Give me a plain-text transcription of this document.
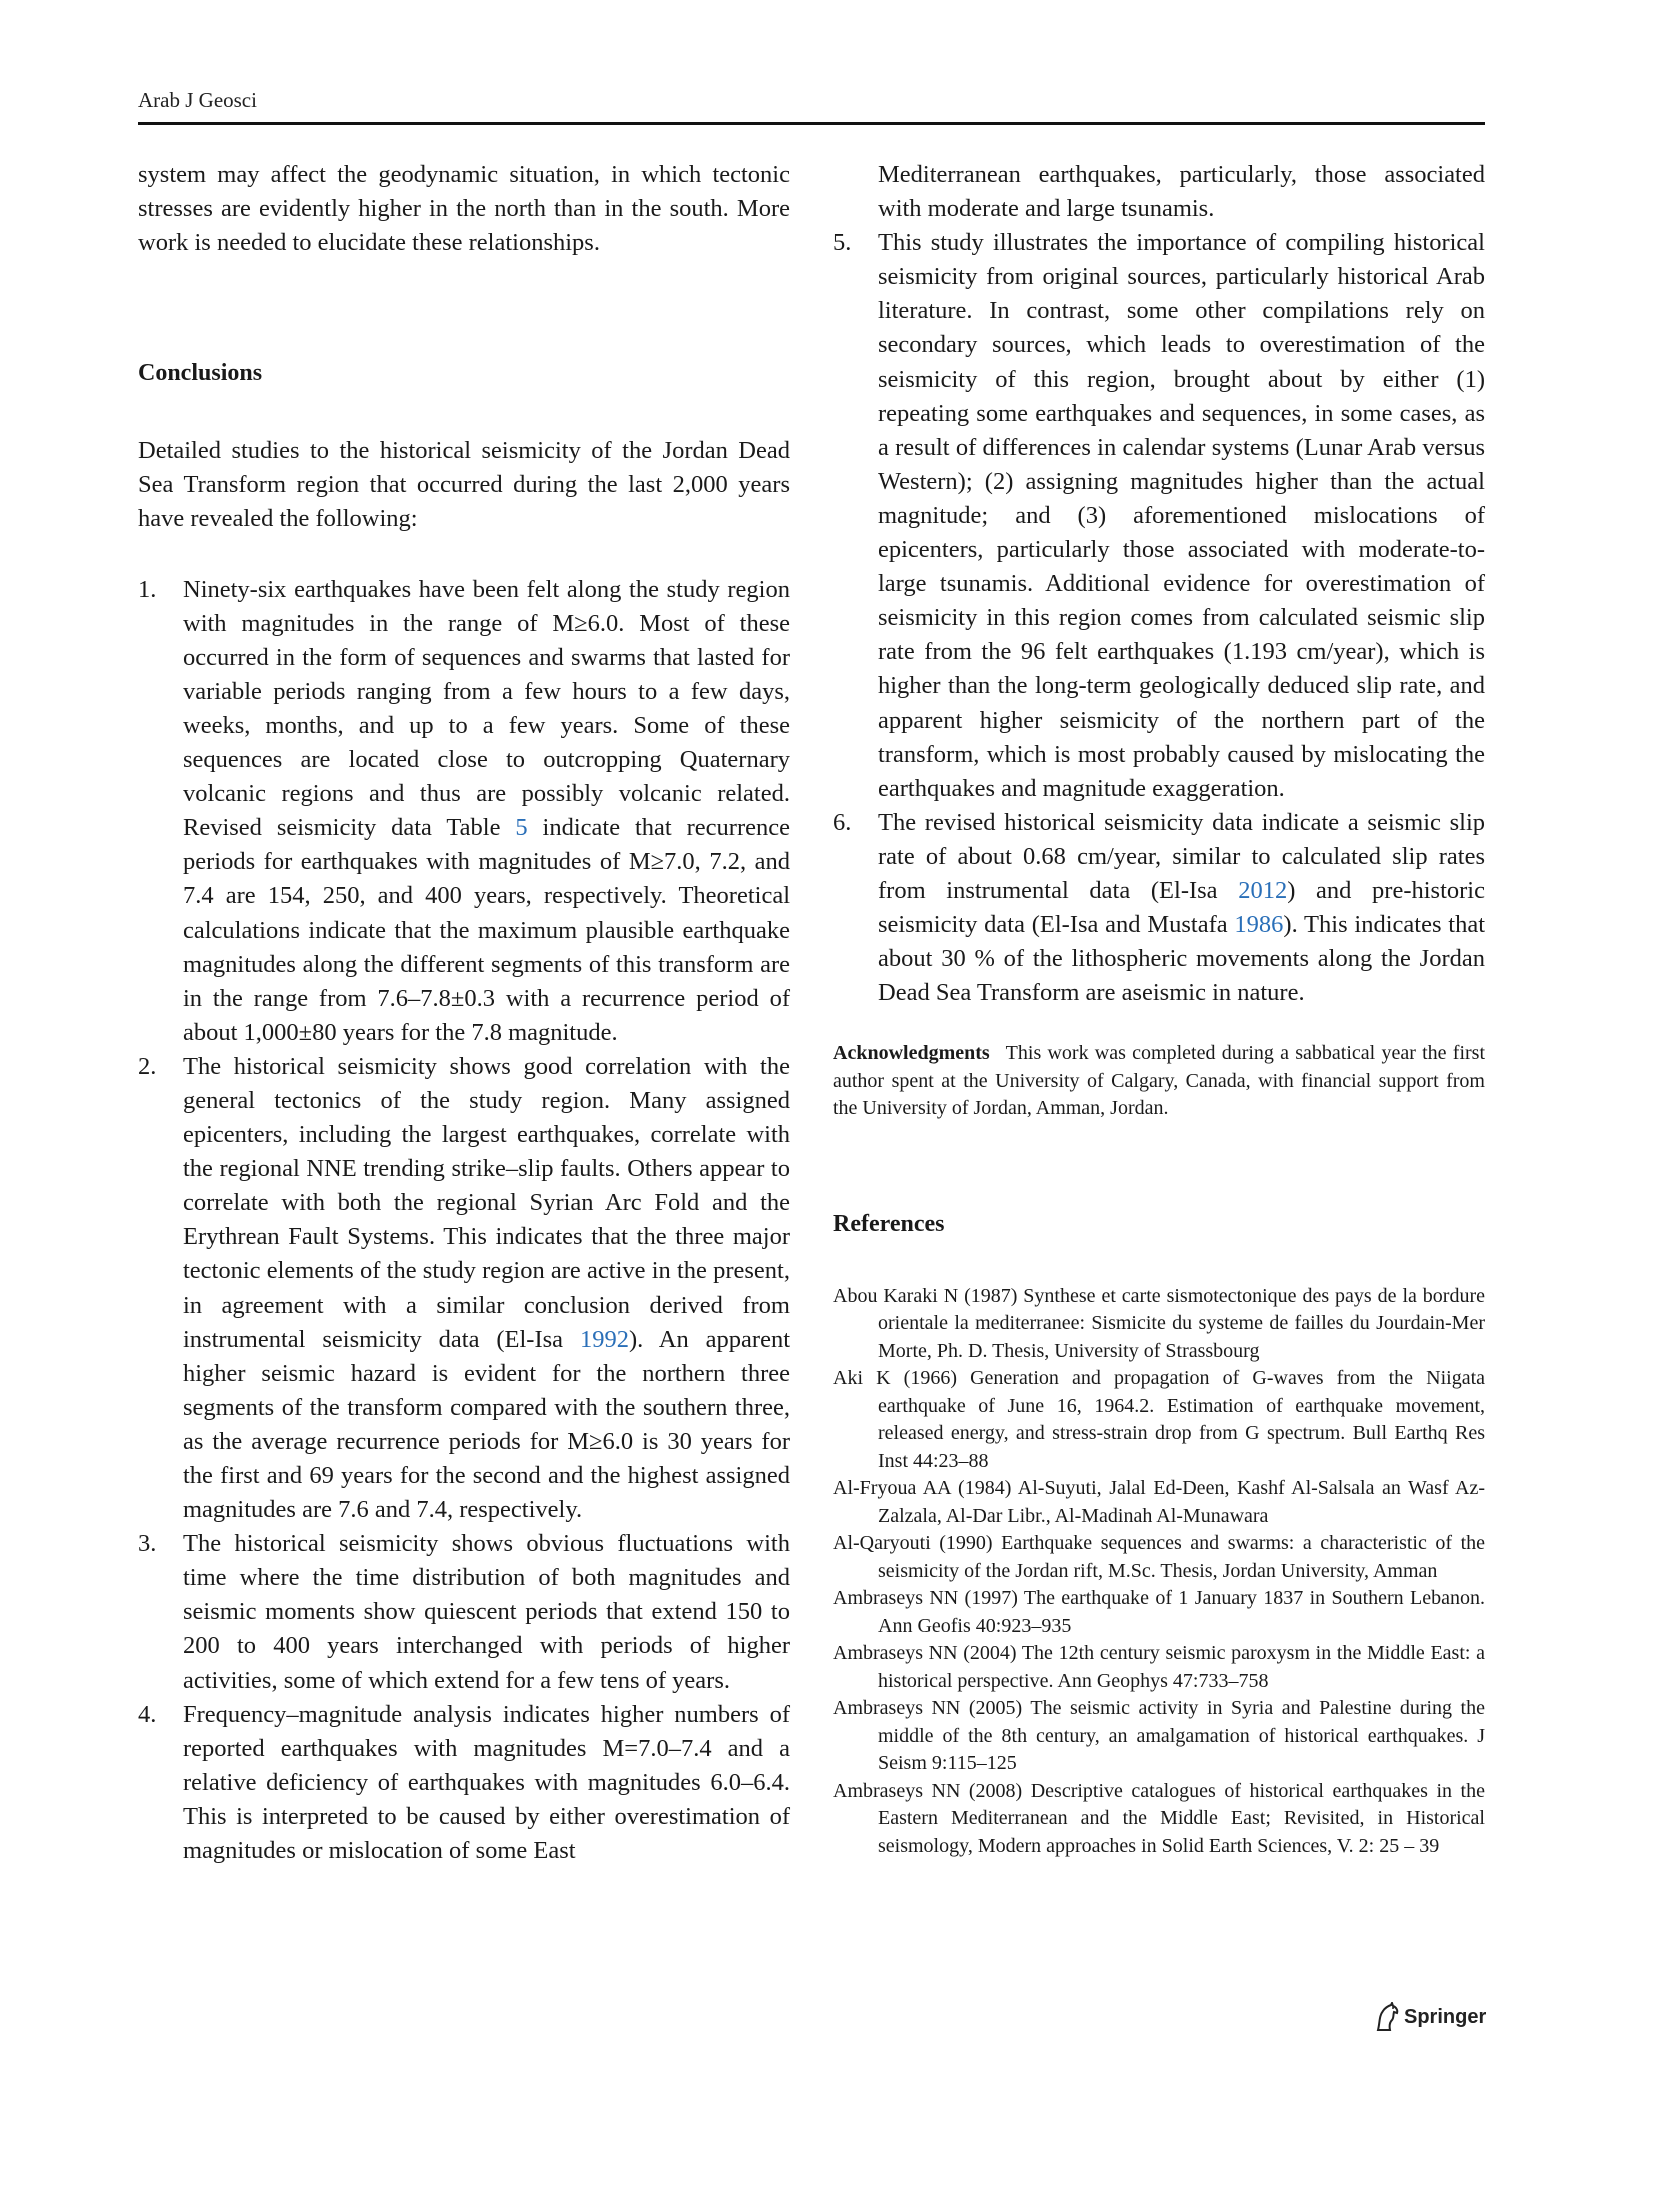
Arab J Geosci

system may affect the geodynamic situation, in which tectonic stresses are evidently higher in the north than in the south. More work is needed to elucidate these relationships.

Conclusions

Detailed studies to the historical seismicity of the Jordan Dead Sea Transform region that occurred during the last 2,000 years have revealed the following:

1. Ninety-six earthquakes have been felt along the study region with magnitudes in the range of M≥6.0. Most of these occurred in the form of sequences and swarms that lasted for variable periods ranging from a few hours to a few days, weeks, months, and up to a few years. Some of these sequences are located close to outcropping Quaternary volcanic regions and thus are possibly volcanic related. Revised seismicity data Table 5 indicate that recurrence periods for earthquakes with magnitudes of M≥7.0, 7.2, and 7.4 are 154, 250, and 400 years, respectively. Theoretical calculations indicate that the maximum plausible earthquake magnitudes along the different segments of this transform are in the range from 7.6–7.8±0.3 with a recurrence period of about 1,000±80 years for the 7.8 magnitude.
2. The historical seismicity shows good correlation with the general tectonics of the study region. Many assigned epicenters, including the largest earthquakes, correlate with the regional NNE trending strike–slip faults. Others appear to correlate with both the regional Syrian Arc Fold and the Erythrean Fault Systems. This indicates that the three major tectonic elements of the study region are active in the present, in agreement with a similar conclusion derived from instrumental seismicity data (El-Isa 1992). An apparent higher seismic hazard is evident for the northern three segments of the transform compared with the southern three, as the average recurrence periods for M≥6.0 is 30 years for the first and 69 years for the second and the highest assigned magnitudes are 7.6 and 7.4, respectively.
3. The historical seismicity shows obvious fluctuations with time where the time distribution of both magnitudes and seismic moments show quiescent periods that extend 150 to 200 to 400 years interchanged with periods of higher activities, some of which extend for a few tens of years.
4. Frequency–magnitude analysis indicates higher numbers of reported earthquakes with magnitudes M=7.0–7.4 and a relative deficiency of earthquakes with magnitudes 6.0–6.4. This is interpreted to be caused by either overestimation of magnitudes or mislocation of some East

Mediterranean earthquakes, particularly, those associated with moderate and large tsunamis.

5. This study illustrates the importance of compiling historical seismicity from original sources, particularly historical Arab literature. In contrast, some other compilations rely on secondary sources, which leads to overestimation of the seismicity of this region, brought about by either (1) repeating some earthquakes and sequences, in some cases, as a result of differences in calendar systems (Lunar Arab versus Western); (2) assigning magnitudes higher than the actual magnitude; and (3) aforementioned mislocations of epicenters, particularly those associated with moderate-to-large tsunamis. Additional evidence for overestimation of seismicity in this region comes from calculated seismic slip rate from the 96 felt earthquakes (1.193 cm/year), which is higher than the long-term geologically deduced slip rate, and apparent higher seismicity of the northern part of the transform, which is most probably caused by mislocating the earthquakes and magnitude exaggeration.
6. The revised historical seismicity data indicate a seismic slip rate of about 0.68 cm/year, similar to calculated slip rates from instrumental data (El-Isa 2012) and pre-historic seismicity data (El-Isa and Mustafa 1986). This indicates that about 30 % of the lithospheric movements along the Jordan Dead Sea Transform are aseismic in nature.

Acknowledgments This work was completed during a sabbatical year the first author spent at the University of Calgary, Canada, with financial support from the University of Jordan, Amman, Jordan.

References
Abou Karaki N (1987) Synthese et carte sismotectonique des pays de la bordure orientale la mediterranee: Sismicite du systeme de failles du Jourdain-Mer Morte, Ph. D. Thesis, University of Strassbourg
Aki K (1966) Generation and propagation of G-waves from the Niigata earthquake of June 16, 1964.2. Estimation of earthquake movement, released energy, and stress-strain drop from G spectrum. Bull Earthq Res Inst 44:23–88
Al-Fryoua AA (1984) Al-Suyuti, Jalal Ed-Deen, Kashf Al-Salsala an Wasf Az-Zalzala, Al-Dar Libr., Al-Madinah Al-Munawara
Al-Qaryouti (1990) Earthquake sequences and swarms: a characteristic of the seismicity of the Jordan rift, M.Sc. Thesis, Jordan University, Amman
Ambraseys NN (1997) The earthquake of 1 January 1837 in Southern Lebanon. Ann Geofis 40:923–935
Ambraseys NN (2004) The 12th century seismic paroxysm in the Middle East: a historical perspective. Ann Geophys 47:733–758
Ambraseys NN (2005) The seismic activity in Syria and Palestine during the middle of the 8th century, an amalgamation of historical earthquakes. J Seism 9:115–125
Ambraseys NN (2008) Descriptive catalogues of historical earthquakes in the Eastern Mediterranean and the Middle East; Revisited, in Historical seismology, Modern approaches in Solid Earth Sciences, V. 2: 25 – 39
Springer
